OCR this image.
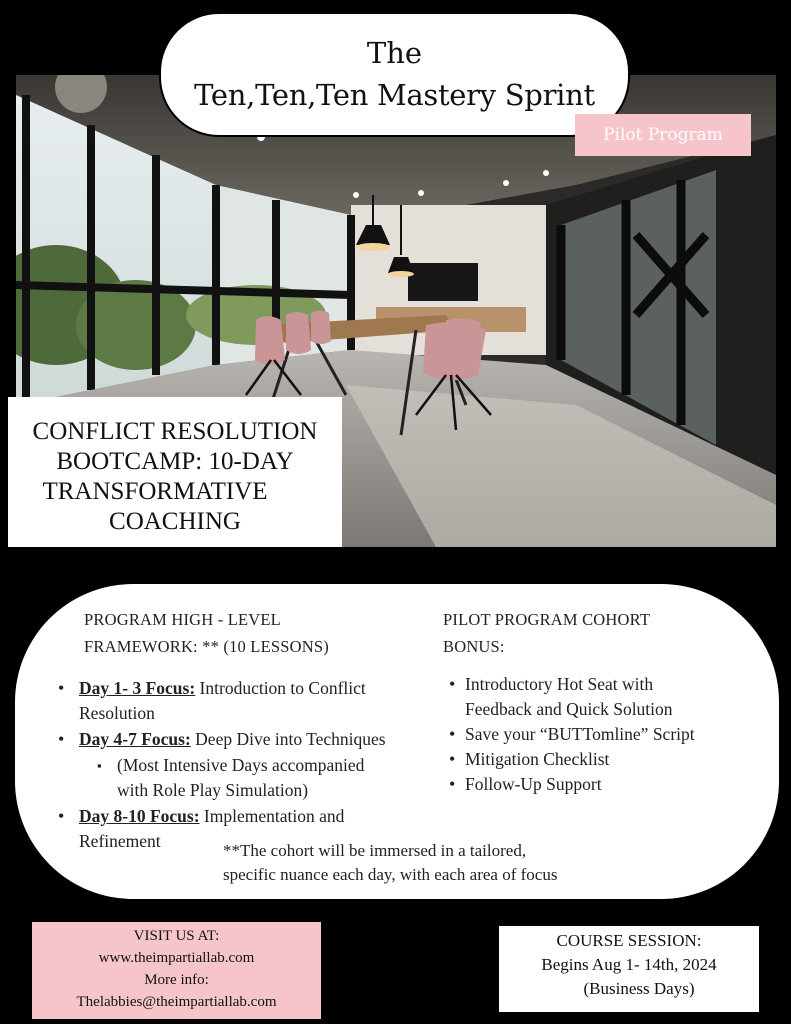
The
Ten,Ten,Ten Mastery Sprint
Pilot Program
CONFLICT RESOLUTION
BOOTCAMP: 10-DAY
TRANSFORMATIVE
COACHING
PROGRAM HIGH - LEVEL
FRAMEWORK: ** (10 LESSONS)
• Day 1- 3 Focus: Introduction to Conflict
Resolution
• Day 4-7 Focus: Deep Dive into Techniques
▪ (Most Intensive Days accompanied
with Role Play Simulation)
• Day 8-10 Focus: Implementation and
Refinement
PILOT PROGRAM COHORT
BONUS:
• Introductory Hot Seat with
Feedback and Quick Solution
• Save your “BUTTomline” Script
• Mitigation Checklist
• Follow-Up Support
**The cohort will be immersed in a tailored,
specific nuance each day, with each area of focus
VISIT US AT:
www.theimpartiallab.com
More info:
Thelabbies@theimpartiallab.com
COURSE SESSION:
Begins Aug 1- 14th, 2024
(Business Days)
